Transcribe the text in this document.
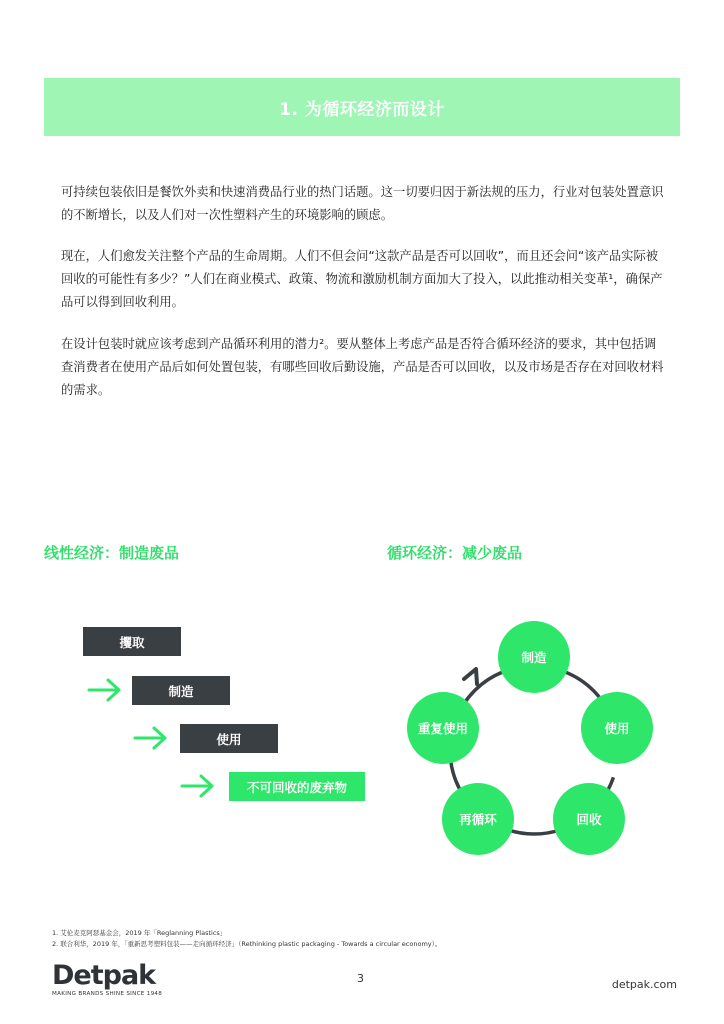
1. 为循环经济而设计

可持续包装依旧是餐饮外卖和快速消费品行业的热门话题。这一切要归因于新法规的压力，行业对包装处置意识的不断增长，以及人们对一次性塑料产生的环境影响的顾虑。

现在，人们愈发关注整个产品的生命周期。人们不但会问“这款产品是否可以回收”，而且还会问“该产品实际被回收的可能性有多少？”人们在商业模式、政策、物流和激励机制方面加大了投入，以此推动相关变革¹，确保产品可以得到回收利用。

在设计包装时就应该考虑到产品循环利用的潜力²。要从整体上考虑产品是否符合循环经济的要求，其中包括调查消费者在使用产品后如何处置包装，有哪些回收后勤设施，产品是否可以回收，以及市场是否存在对回收材料的需求。

线性经济：制造废品	循环经济：减少废品
攫取
制造
使用
不可回收的废弃物
制造
使用
回收
再循环
重复使用
1. 艾伦麦克阿瑟基金会，2019 年「Reglanning Plastics」
2. 联合利华，2019 年，「重新思考塑料包装——走向循环经济」（Rethinking plastic packaging - Towards a circular economy）。
Detpak
MAKING BRANDS SHINE SINCE 1948
3	detpak.com
